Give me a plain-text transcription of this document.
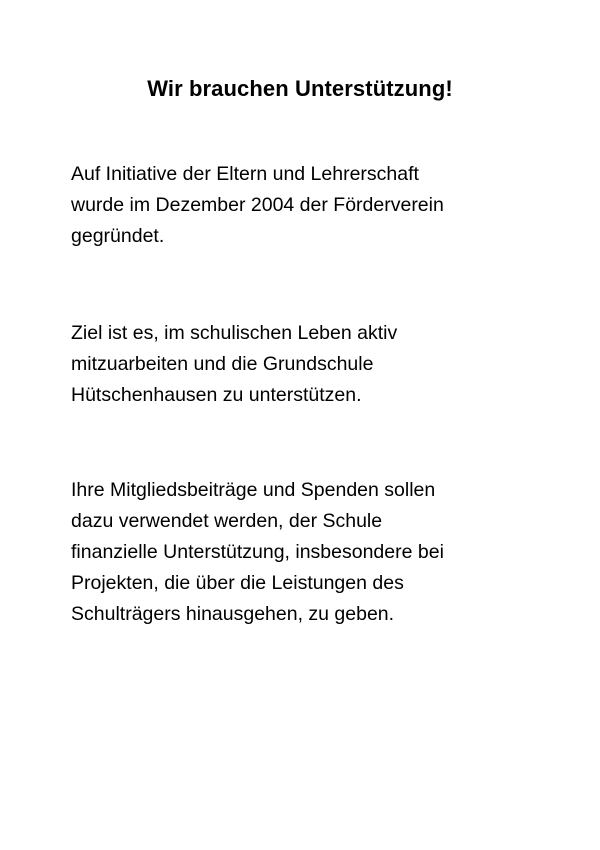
Wir brauchen Unterstützung!

Auf Initiative der Eltern und Lehrerschaft
wurde im Dezember 2004 der Förderverein
gegründet.

Ziel ist es, im schulischen Leben aktiv
mitzuarbeiten und die Grundschule
Hütschenhausen zu unterstützen.

Ihre Mitgliedsbeiträge und Spenden sollen
dazu verwendet werden, der Schule
finanzielle Unterstützung, insbesondere bei
Projekten, die über die Leistungen des
Schulträgers hinausgehen, zu geben.
